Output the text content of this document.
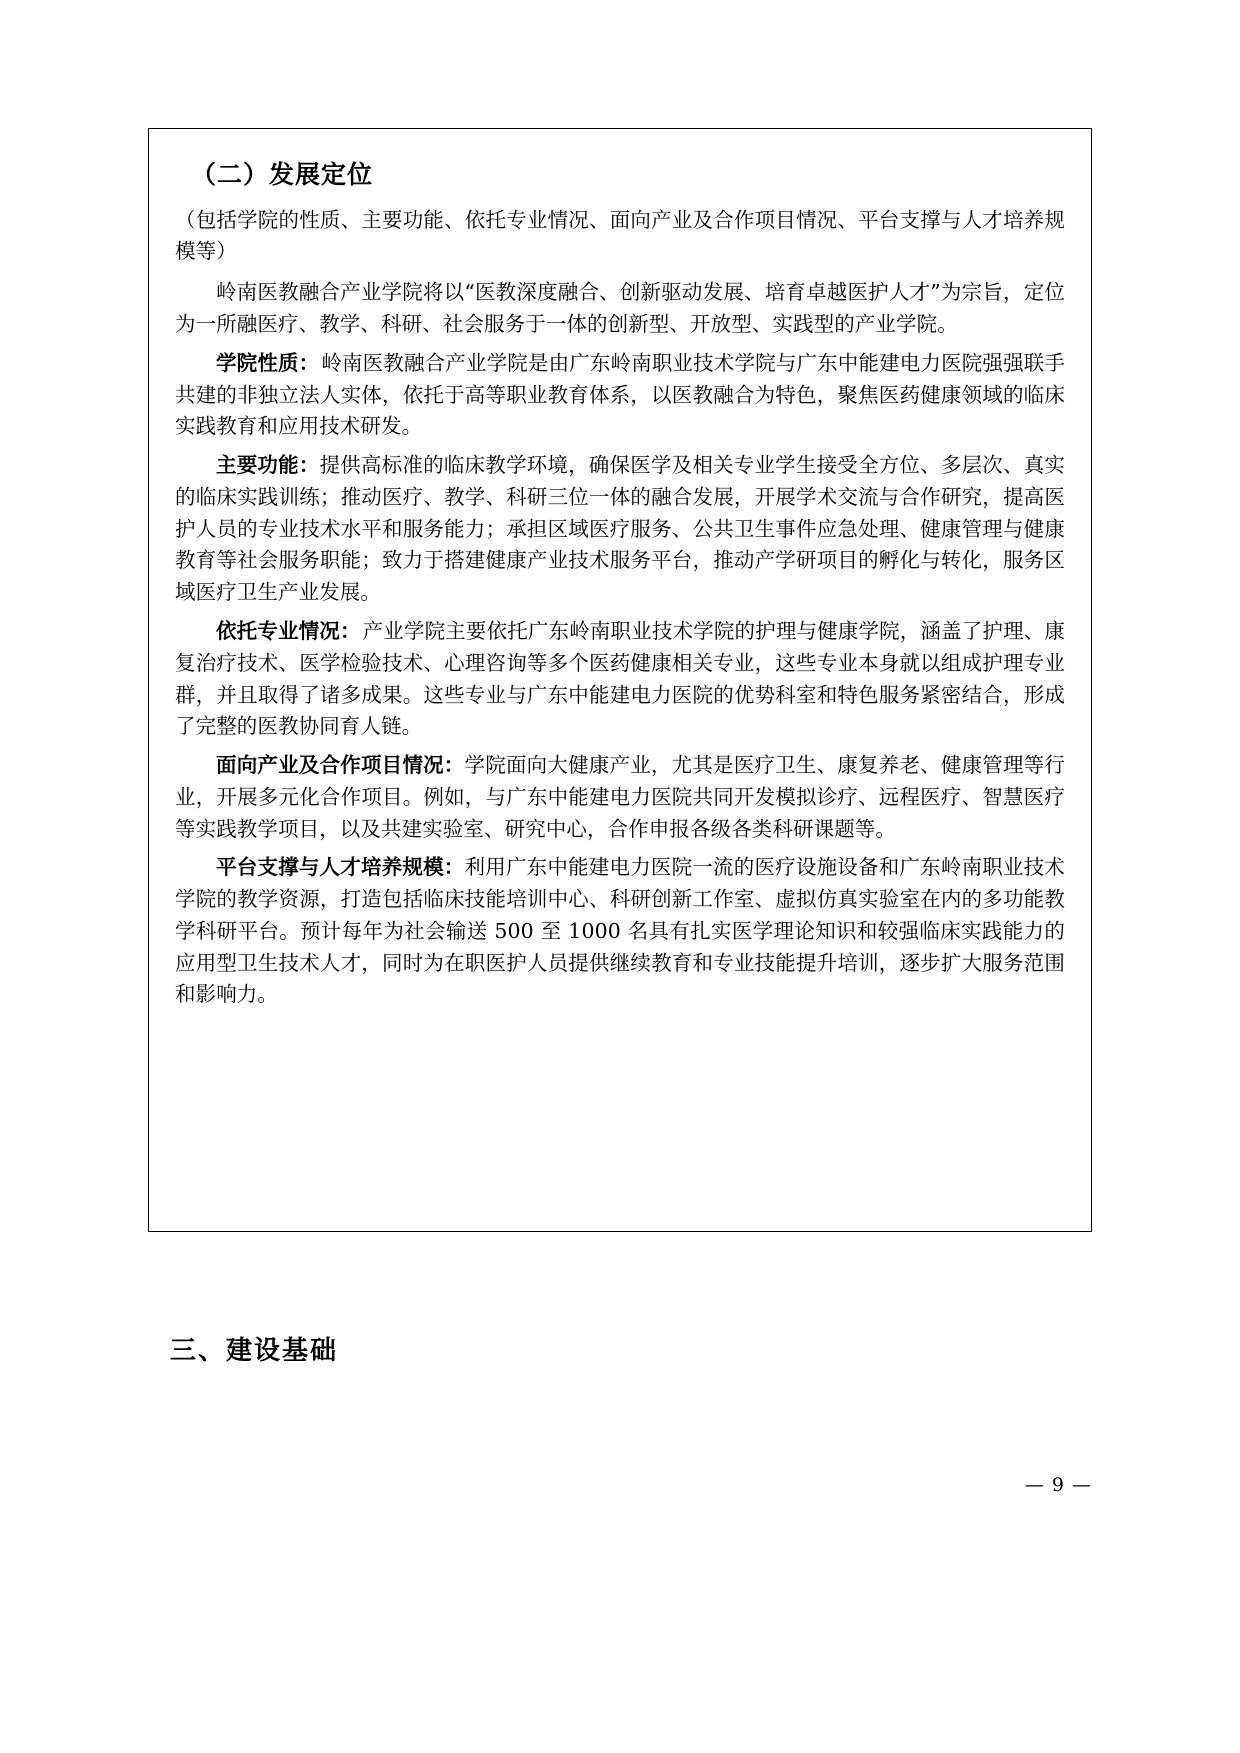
（二）发展定位
（包括学院的性质、主要功能、依托专业情况、面向产业及合作项目情况、平台支撑与人才培养规模等）
岭南医教融合产业学院将以“医教深度融合、创新驱动发展、培育卓越医护人才”为宗旨，定位为一所融医疗、教学、科研、社会服务于一体的创新型、开放型、实践型的产业学院。
学院性质：岭南医教融合产业学院是由广东岭南职业技术学院与广东中能建电力医院强强联手共建的非独立法人实体，依托于高等职业教育体系，以医教融合为特色，聚焦医药健康领域的临床实践教育和应用技术研发。
主要功能：提供高标准的临床教学环境，确保医学及相关专业学生接受全方位、多层次、真实的临床实践训练；推动医疗、教学、科研三位一体的融合发展，开展学术交流与合作研究，提高医护人员的专业技术水平和服务能力；承担区域医疗服务、公共卫生事件应急处理、健康管理与健康教育等社会服务职能；致力于搭建健康产业技术服务平台，推动产学研项目的孵化与转化，服务区域医疗卫生产业发展。
依托专业情况：产业学院主要依托广东岭南职业技术学院的护理与健康学院，涵盖了护理、康复治疗技术、医学检验技术、心理咨询等多个医药健康相关专业，这些专业本身就以组成护理专业群，并且取得了诸多成果。这些专业与广东中能建电力医院的优势科室和特色服务紧密结合，形成了完整的医教协同育人链。
面向产业及合作项目情况：学院面向大健康产业，尤其是医疗卫生、康复养老、健康管理等行业，开展多元化合作项目。例如，与广东中能建电力医院共同开发模拟诊疗、远程医疗、智慧医疗等实践教学项目，以及共建实验室、研究中心，合作申报各级各类科研课题等。
平台支撑与人才培养规模：利用广东中能建电力医院一流的医疗设施设备和广东岭南职业技术学院的教学资源，打造包括临床技能培训中心、科研创新工作室、虚拟仿真实验室在内的多功能教学科研平台。预计每年为社会输送 500 至 1000 名具有扎实医学理论知识和较强临床实践能力的应用型卫生技术人才，同时为在职医护人员提供继续教育和专业技能提升培训，逐步扩大服务范围和影响力。
三、建设基础
— 9 —
